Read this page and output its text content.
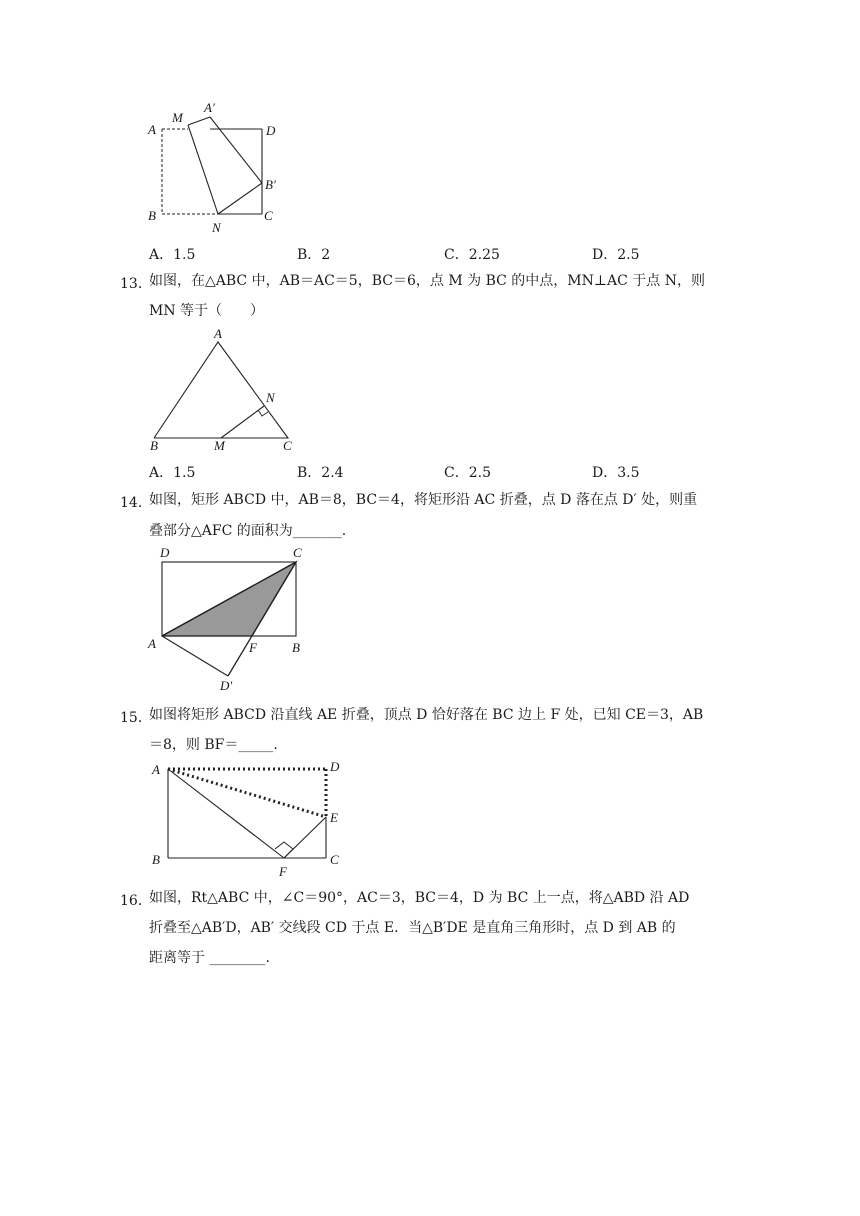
A
M
A′
D
B′
B
N
C
A．1.5	B．2	C．2.25	D．2.5
13．
如图，在△ABC 中，AB＝AC＝5，BC＝6，点 M 为 BC 的中点，MN⊥AC 于点 N，则
MN 等于（　　）
A
N
B	M	C
A．1.5	B．2.4	C．2.5	D．3.5
14．
如图，矩形 ABCD 中，AB＝8，BC＝4，将矩形沿 AC 折叠，点 D 落在点 D′ 处，则重
叠部分△AFC 的面积为_______.
D	C
A	F	B
D′
15．
如图将矩形 ABCD 沿直线 AE 折叠，顶点 D 恰好落在 BC 边上 F 处，已知 CE＝3，AB
＝8，则 BF＝_____.
A	D
E
B
F
C
16．
如图，Rt△ABC 中，∠C＝90°，AC＝3，BC＝4，D 为 BC 上一点，将△ABD 沿 AD
折叠至△AB′D，AB′ 交线段 CD 于点 E．当△B′DE 是直角三角形时，点 D 到 AB 的
距离等于 ________.
